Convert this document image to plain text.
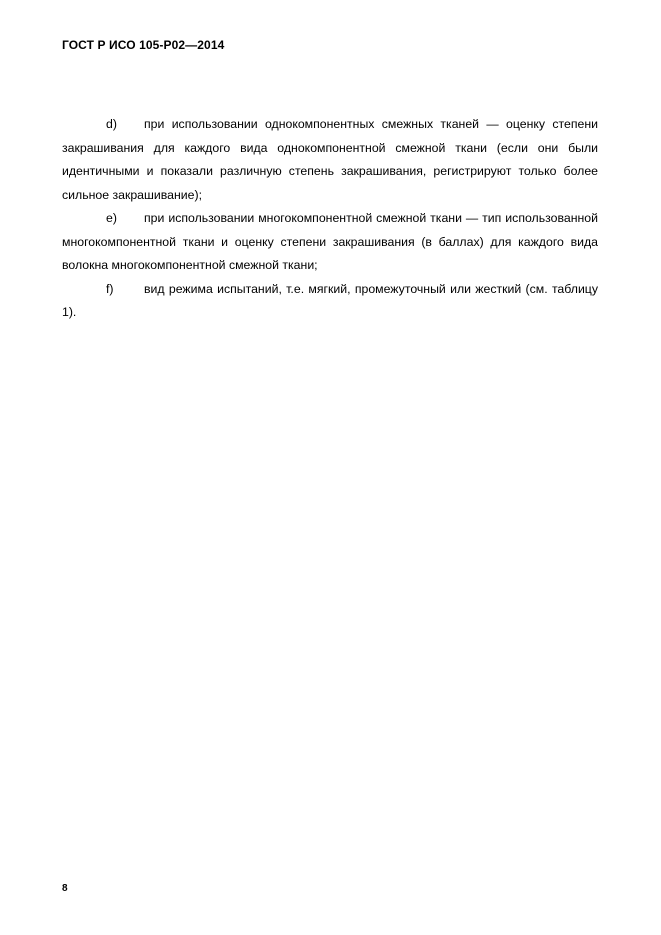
ГОСТ Р ИСО 105-Р02—2014

d) при использовании однокомпонентных смежных тканей — оценку степени закрашивания для каждого вида однокомпонентной смежной ткани (если они были идентичными и показали различную степень закрашивания, регистрируют только более сильное закрашивание);

e) при использовании многокомпонентной смежной ткани — тип использованной многокомпонентной ткани и оценку степени закрашивания (в баллах) для каждого вида волокна многокомпонентной смежной ткани;

f) вид режима испытаний, т.е. мягкий, промежуточный или жесткий (см. таблицу 1).

8
